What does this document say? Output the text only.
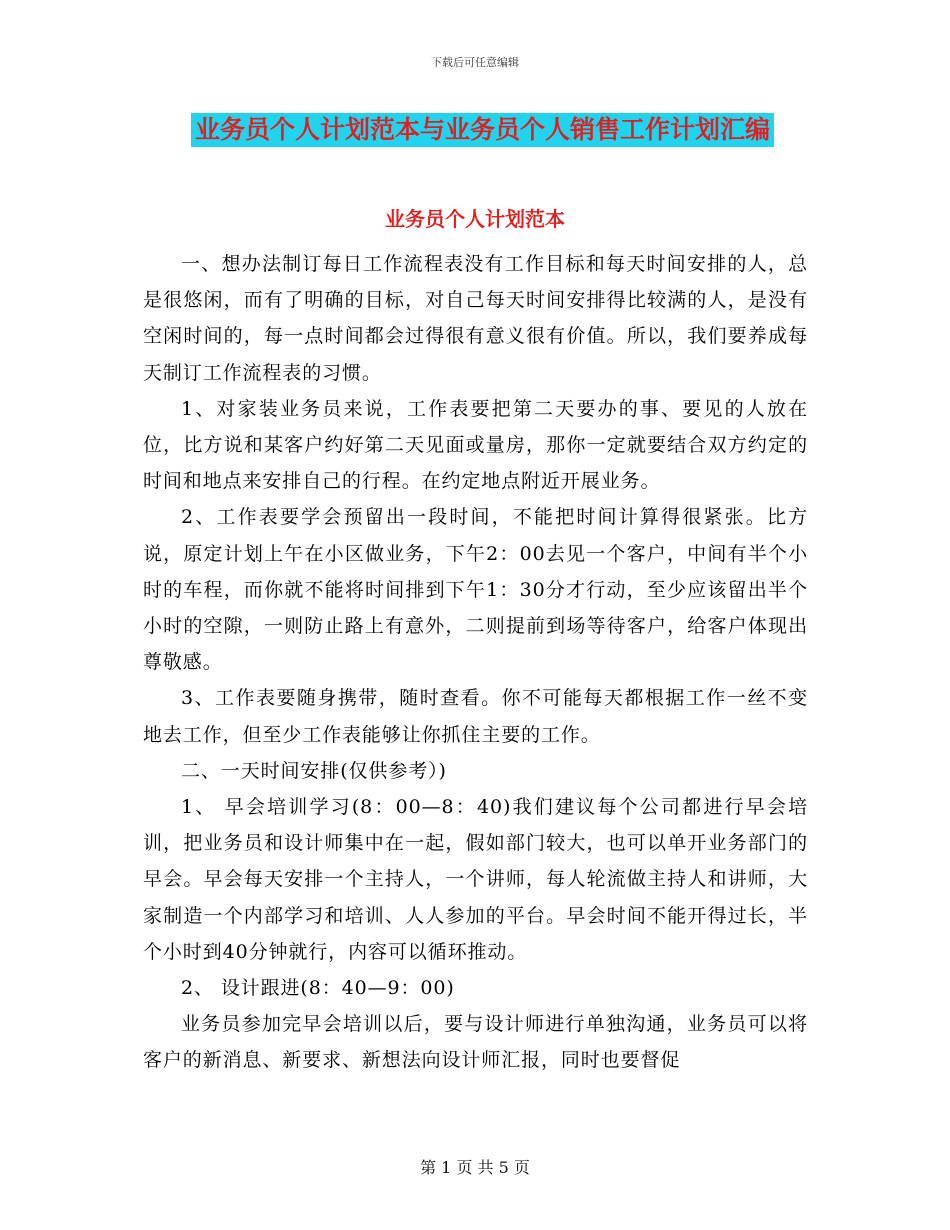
下载后可任意编辑
业务员个人计划范本与业务员个人销售工作计划汇编
业务员个人计划范本

一、想办法制订每日工作流程表没有工作目标和每天时间安排的人，总是很悠闲，而有了明确的目标，对自己每天时间安排得比较满的人，是没有空闲时间的，每一点时间都会过得很有意义很有价值。所以，我们要养成每天制订工作流程表的习惯。

1、对家装业务员来说，工作表要把第二天要办的事、要见的人放在位，比方说和某客户约好第二天见面或量房，那你一定就要结合双方约定的时间和地点来安排自己的行程。在约定地点附近开展业务。

2、工作表要学会预留出一段时间，不能把时间计算得很紧张。比方说，原定计划上午在小区做业务，下午2：00去见一个客户，中间有半个小时的车程，而你就不能将时间排到下午1：30分才行动，至少应该留出半个小时的空隙，一则防止路上有意外，二则提前到场等待客户，给客户体现出尊敬感。

3、工作表要随身携带，随时查看。你不可能每天都根据工作一丝不变地去工作，但至少工作表能够让你抓住主要的工作。

二、一天时间安排(仅供参考）)

1、 早会培训学习(8：00—8：40)我们建议每个公司都进行早会培训，把业务员和设计师集中在一起，假如部门较大，也可以单开业务部门的早会。早会每天安排一个主持人，一个讲师，每人轮流做主持人和讲师，大家制造一个内部学习和培训、人人参加的平台。早会时间不能开得过长，半个小时到40分钟就行，内容可以循环推动。

2、 设计跟进(8：40—9：00)

业务员参加完早会培训以后，要与设计师进行单独沟通，业务员可以将客户的新消息、新要求、新想法向设计师汇报，同时也要督促

第 1 页 共 5 页
